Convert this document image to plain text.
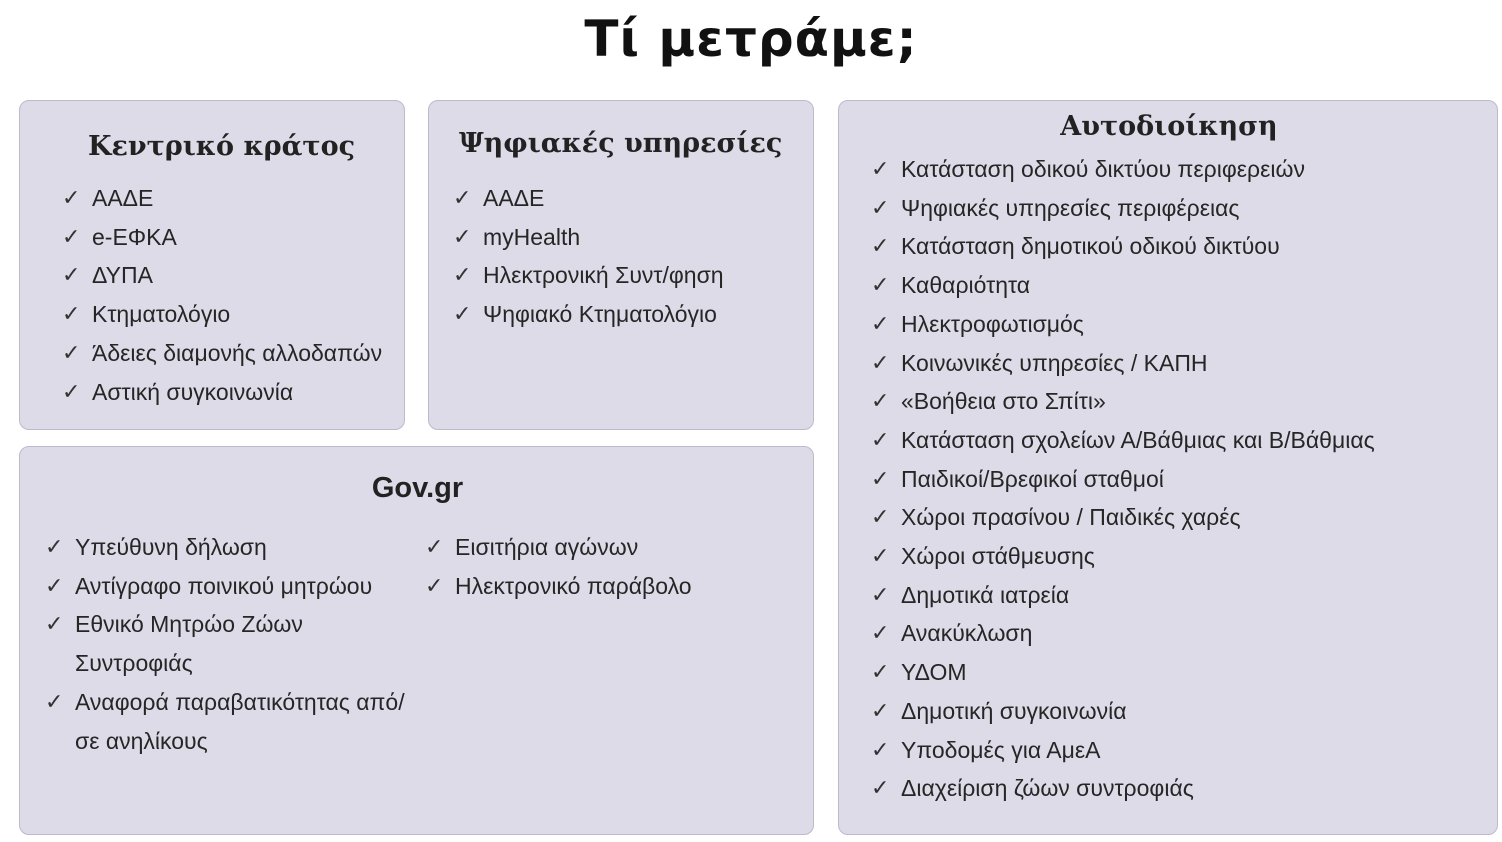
Τί μετράμε;
Κεντρικό κράτος
✓ ΑΑΔΕ
✓ e-ΕΦΚΑ
✓ ΔΥΠΑ
✓ Κτηματολόγιο
✓ Άδειες διαμονής αλλοδαπών
✓ Αστική συγκοινωνία
Ψηφιακές υπηρεσίες
✓ ΑΑΔΕ
✓ myHealth
✓ Ηλεκτρονική Συντ/φηση
✓ Ψηφιακό Κτηματολόγιο
Gov.gr
✓ Υπεύθυνη δήλωση
✓ Αντίγραφο ποινικού μητρώου
✓ Εθνικό Μητρώο Ζώων Συντροφιάς
✓ Αναφορά παραβατικότητας από/σε ανηλίκους
✓ Εισιτήρια αγώνων
✓ Ηλεκτρονικό παράβολο
Αυτοδιοίκηση
✓ Κατάσταση οδικού δικτύου περιφερειών
✓ Ψηφιακές υπηρεσίες περιφέρειας
✓ Κατάσταση δημοτικού οδικού δικτύου
✓ Καθαριότητα
✓ Ηλεκτροφωτισμός
✓ Κοινωνικές υπηρεσίες / ΚΑΠΗ
✓ «Βοήθεια στο Σπίτι»
✓ Κατάσταση σχολείων Α/Βάθμιας και Β/Βάθμιας
✓ Παιδικοί/Βρεφικοί σταθμοί
✓ Χώροι πρασίνου / Παιδικές χαρές
✓ Χώροι στάθμευσης
✓ Δημοτικά ιατρεία
✓ Ανακύκλωση
✓ ΥΔΟΜ
✓ Δημοτική συγκοινωνία
✓ Υποδομές για ΑμεΑ
✓ Διαχείριση ζώων συντροφιάς
